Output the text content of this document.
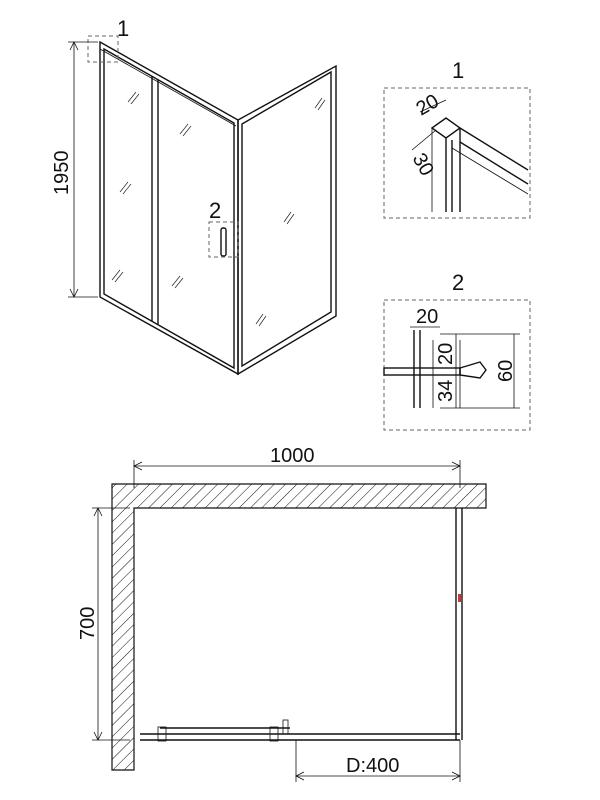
1
2
1950
1
20
30
2
20
20
34
60
1000
700
D:400
